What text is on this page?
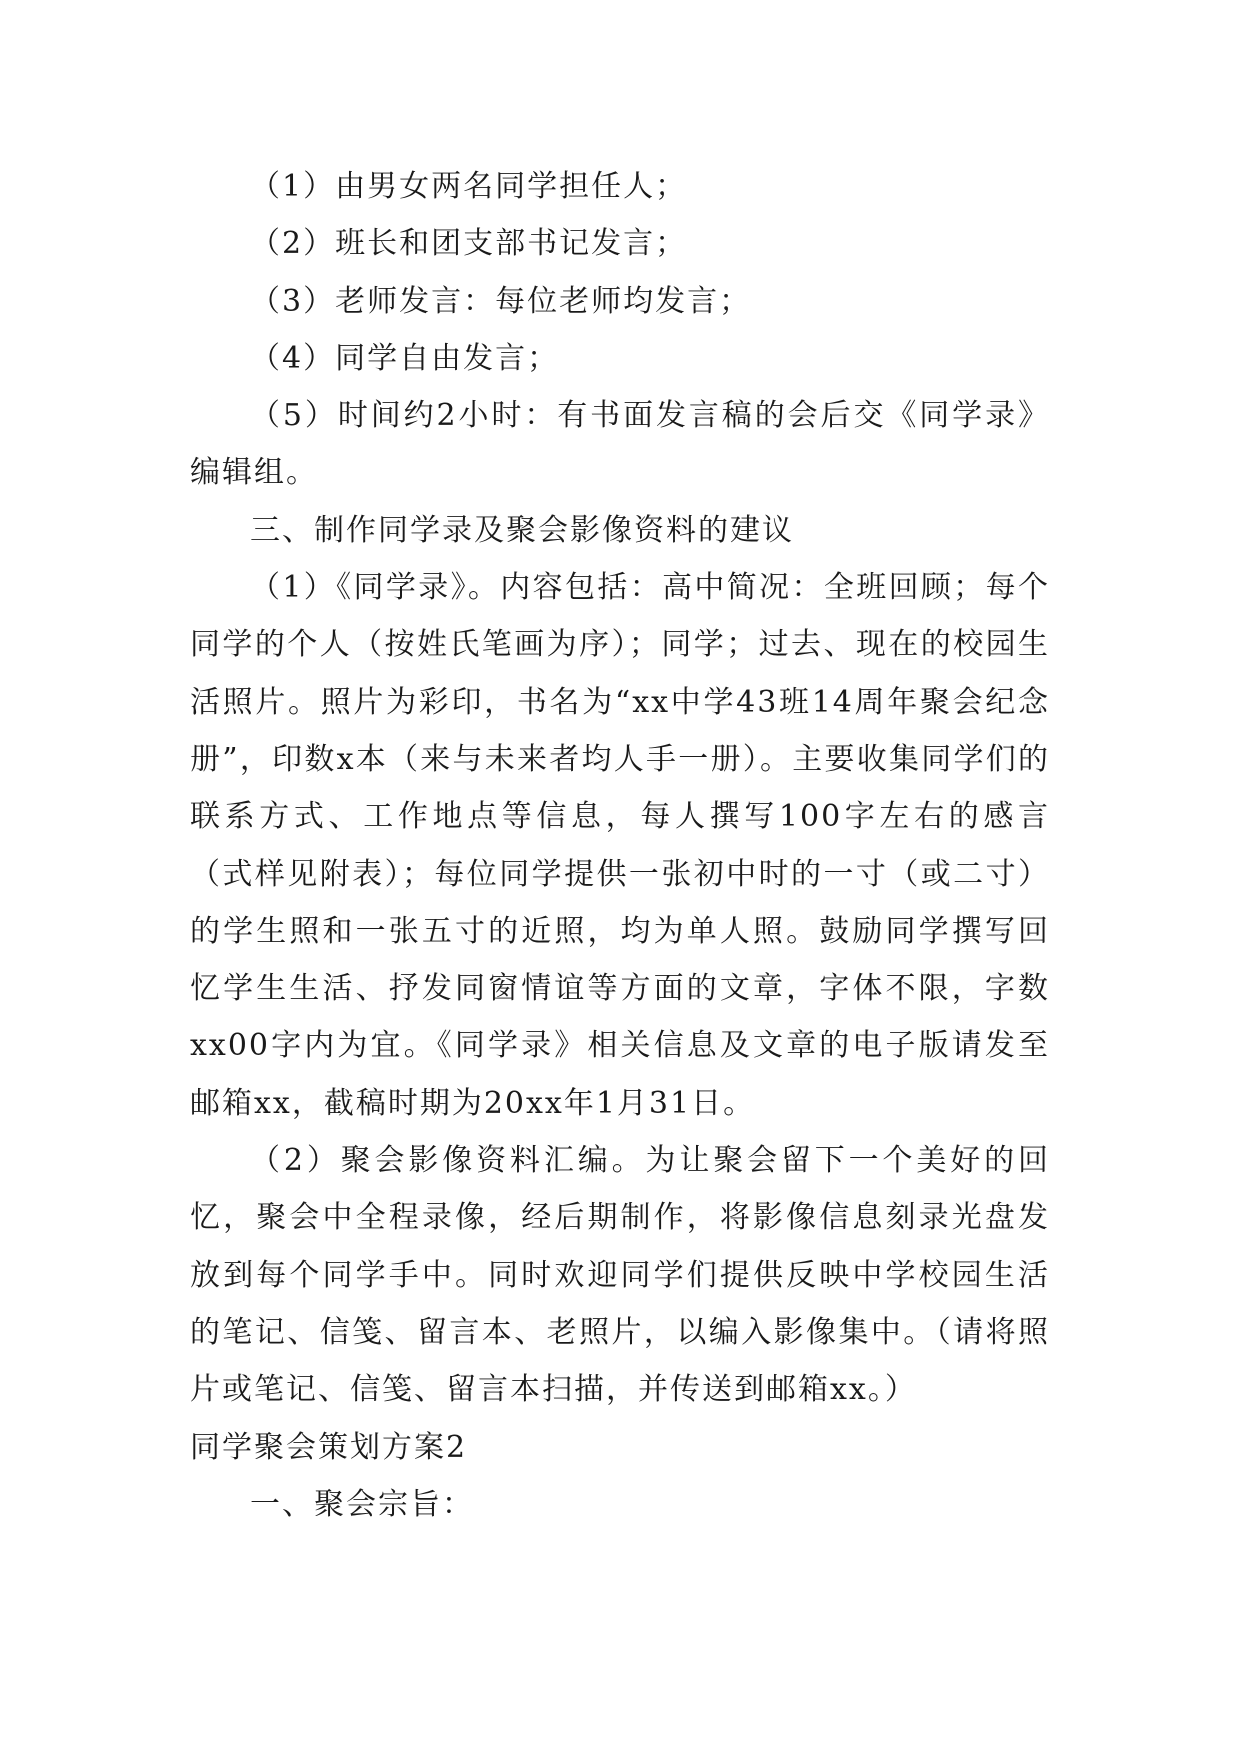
（1）由男女两名同学担任人；

（2）班长和团支部书记发言；

（3）老师发言：每位老师均发言；

（4）同学自由发言；

（5）时间约2小时：有书面发言稿的会后交《同学录》编辑组。

三、制作同学录及聚会影像资料的建议

（1）《同学录》。内容包括：高中简况：全班回顾；每个同学的个人（按姓氏笔画为序）；同学；过去、现在的校园生活照片。照片为彩印，书名为“xx中学43班14周年聚会纪念册”，印数x本（来与未来者均人手一册）。主要收集同学们的联系方式、工作地点等信息，每人撰写100字左右的感言（式样见附表）；每位同学提供一张初中时的一寸（或二寸）的学生照和一张五寸的近照，均为单人照。鼓励同学撰写回忆学生生活、抒发同窗情谊等方面的文章，字体不限，字数xx00字内为宜。《同学录》相关信息及文章的电子版请发至邮箱xx，截稿时期为20xx年1月31日。

（2）聚会影像资料汇编。为让聚会留下一个美好的回忆，聚会中全程录像，经后期制作，将影像信息刻录光盘发放到每个同学手中。同时欢迎同学们提供反映中学校园生活的笔记、信笺、留言本、老照片，以编入影像集中。（请将照片或笔记、信笺、留言本扫描，并传送到邮箱xx。）

同学聚会策划方案2

一、聚会宗旨：
